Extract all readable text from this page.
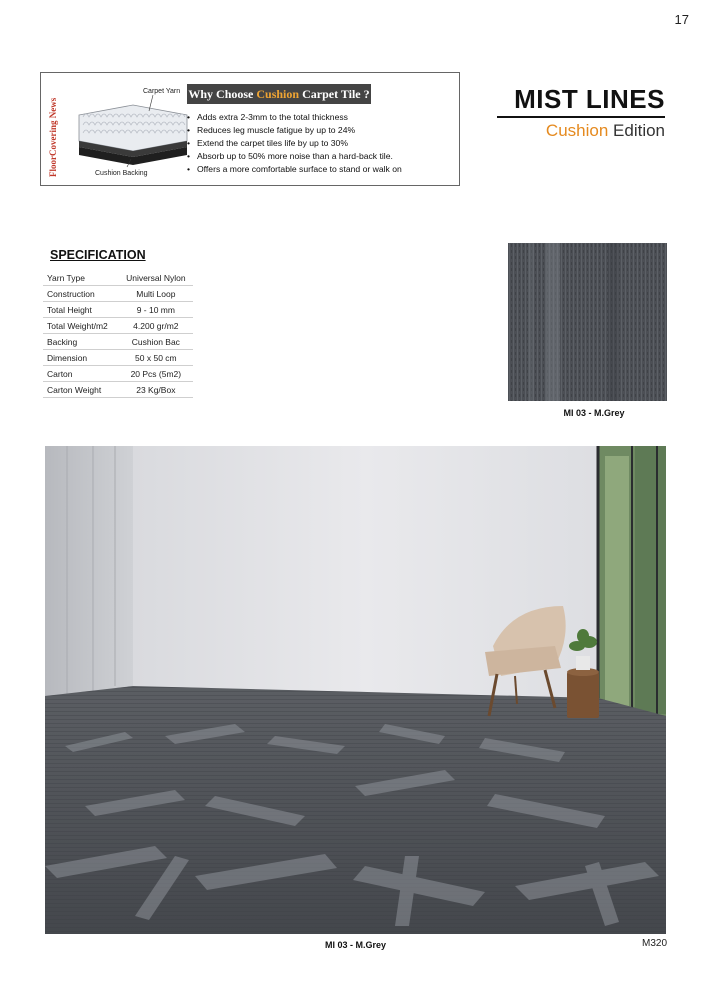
17
FloorCovering News
Carpet Yarn
Cushion Backing
Why Choose Cushion Carpet Tile ?
• Adds extra 2-3mm to the total thickness
• Reduces leg muscle fatigue by up to 24%
• Extend the carpet tiles life by up to 30%
• Absorb up to 50% more noise than a hard-back tile.
• Offers a more comfortable surface to stand or walk on
MIST LINES
Cushion Edition
SPECIFICATION
Yarn Type	Universal Nylon
Construction	Multi Loop
Total Height	9 - 10 mm
Total Weight/m2	4.200 gr/m2
Backing	Cushion Bac
Dimension	50 x 50 cm
Carton	20 Pcs (5m2)
Carton Weight	23 Kg/Box
MI 03 - M.Grey
MI 03 - M.Grey	M320
